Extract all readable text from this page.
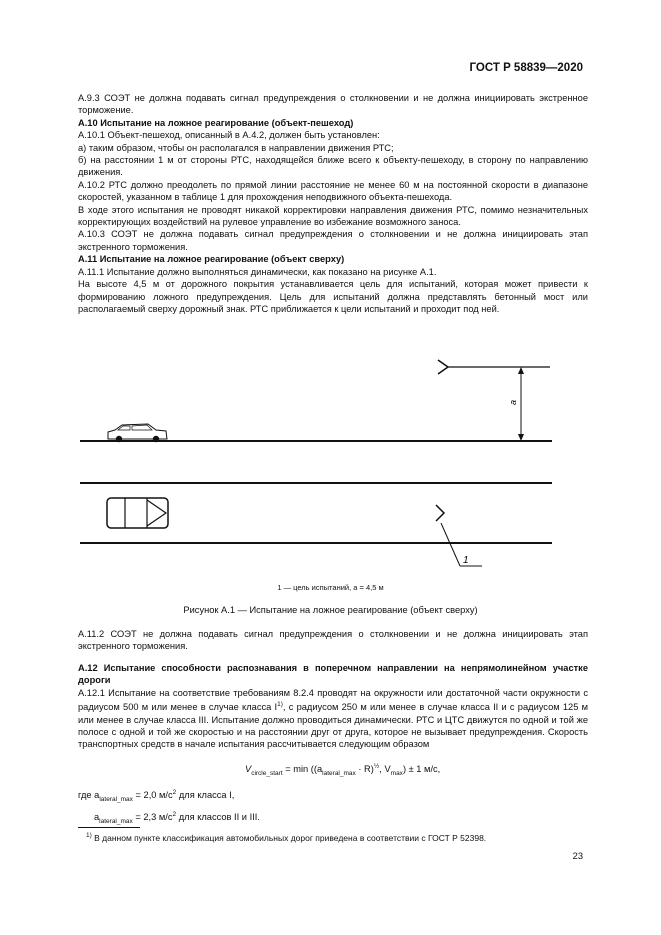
ГОСТ Р 58839—2020

А.9.3 СОЭТ не должна подавать сигнал предупреждения о столкновении и не должна инициировать экстренное торможение.

А.10 Испытание на ложное реагирование (объект-пешеход)

А.10.1 Объект-пешеход, описанный в А.4.2, должен быть установлен:

а) таким образом, чтобы он располагался в направлении движения РТС;

б) на расстоянии 1 м от стороны РТС, находящейся ближе всего к объекту-пешеходу, в сторону по направлению движения.

А.10.2 РТС должно преодолеть по прямой линии расстояние не менее 60 м на постоянной скорости в диапазоне скоростей, указанном в таблице 1 для прохождения неподвижного объекта-пешехода.

В ходе этого испытания не проводят никакой корректировки направления движения РТС, помимо незначительных корректирующих воздействий на рулевое управление во избежание возможного заноса.

А.10.3 СОЭТ не должна подавать сигнал предупреждения о столкновении и не должна инициировать этап экстренного торможения.

А.11 Испытание на ложное реагирование (объект сверху)

А.11.1 Испытание должно выполняться динамически, как показано на рисунке А.1.

На высоте 4,5 м от дорожного покрытия устанавливается цель для испытаний, которая может привести к формированию ложного предупреждения. Цель для испытаний должна представлять бетонный мост или располагаемый сверху дорожный знак. РТС приближается к цели испытаний и проходит под ней.

a
1
1 — цель испытаний, a = 4,5 м
Рисунок А.1 — Испытание на ложное реагирование (объект сверху)

А.11.2 СОЭТ не должна подавать сигнал предупреждения о столкновении и не должна инициировать этап экстренного торможения.

А.12 Испытание способности распознавания в поперечном направлении на непрямолинейном участке дороги

А.12.1 Испытание на соответствие требованиям 8.2.4 проводят на окружности или достаточной части окружности с радиусом 500 м или менее в случае класса $I^{1)}$, с радиусом 250 м или менее в случае класса II и с радиусом 125 м или менее в случае класса III. Испытание должно проводиться динамически. РТС и ЦТС движутся по одной и той же полосе с одной и той же скоростью и на расстоянии друг от друга, которое не вызывает предупреждения. Скорость транспортных средств в начале испытания рассчитывается следующим образом

$V_{circle\_start} = \min ((a_{lateral\_max} \cdot R)^{\frac{1}{2}}$, $V_{max}) \pm 1$ м/с,
где $a_{lateral\_max} = 2,0$ $м/с^2$ для класса I,
$a_{lateral\_max} = 2,3$ $м/с^2$ для классов II и III.
$^{1)}$ В данном пункте классификация автомобильных дорог приведена в соответствии с ГОСТ Р 52398.
23
